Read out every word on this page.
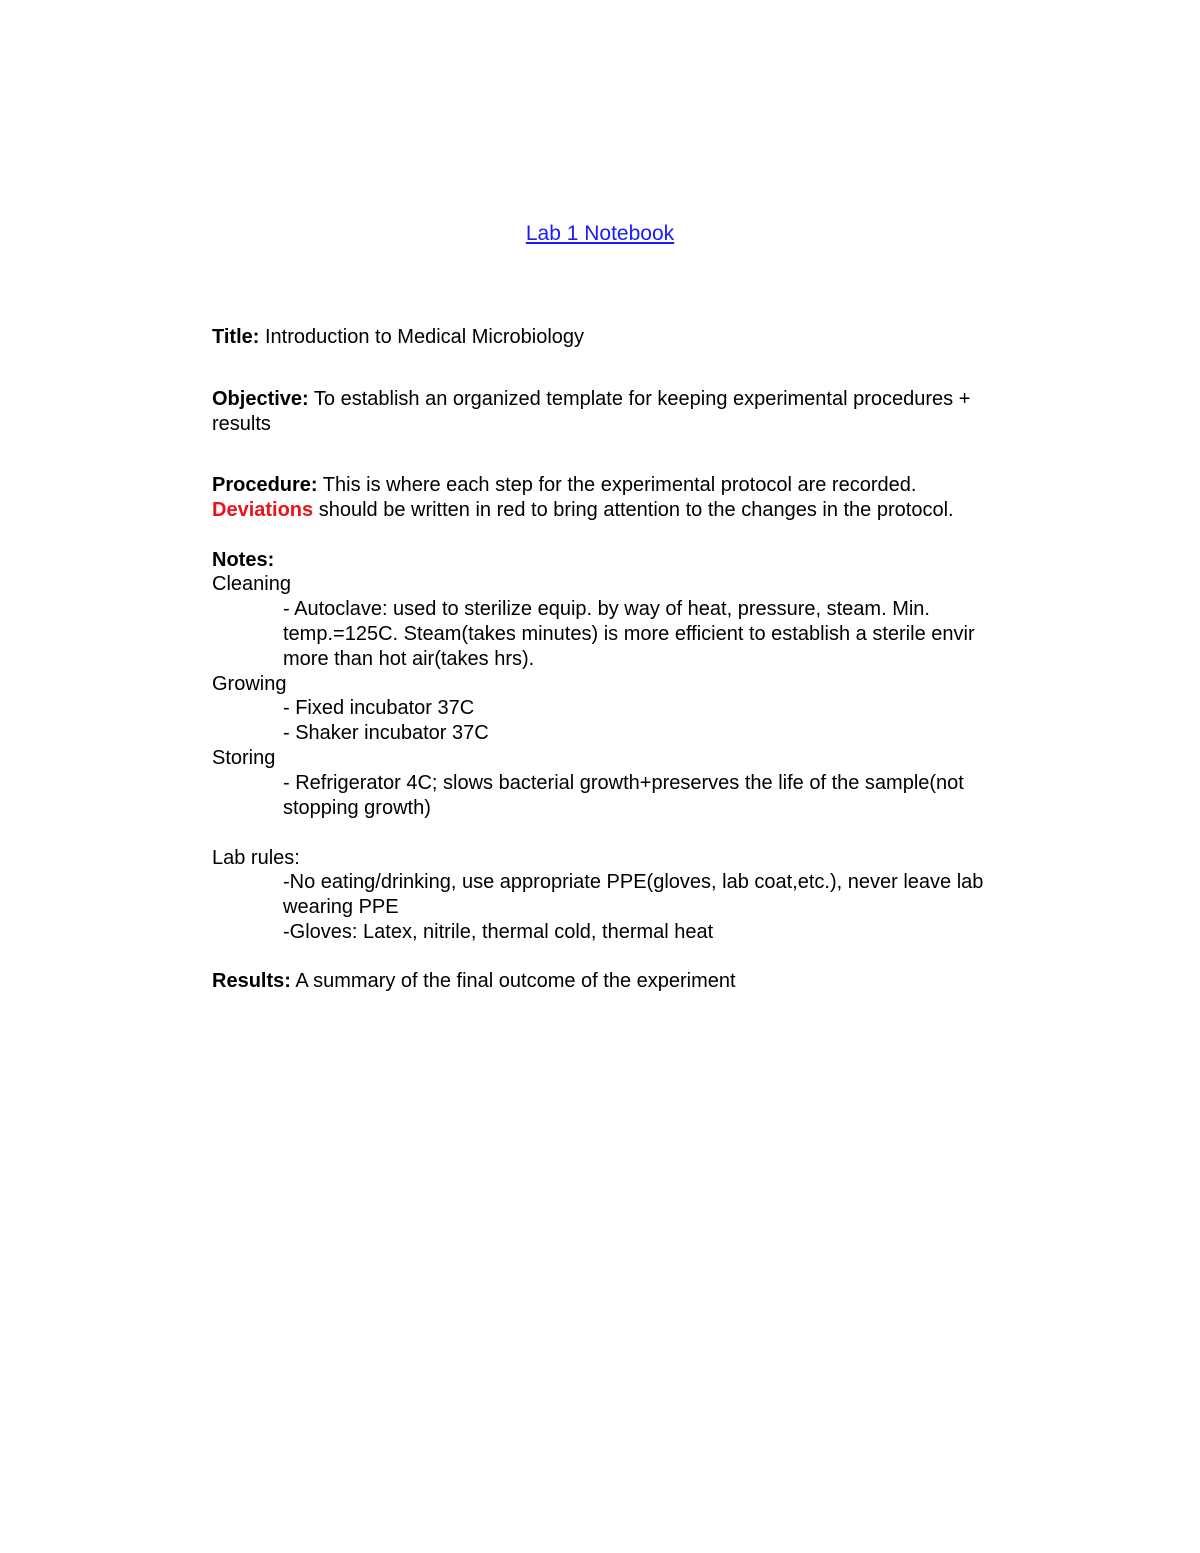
Lab 1 Notebook
Title: Introduction to Medical Microbiology
Objective: To establish an organized template for keeping experimental procedures +
results
Procedure: This is where each step for the experimental protocol are recorded.
Deviations should be written in red to bring attention to the changes in the protocol.
Notes:
Cleaning
- Autoclave: used to sterilize equip. by way of heat, pressure, steam. Min.
temp.=125C. Steam(takes minutes) is more efficient to establish a sterile envir
more than hot air(takes hrs).
Growing
- Fixed incubator 37C
- Shaker incubator 37C
Storing
- Refrigerator 4C; slows bacterial growth+preserves the life of the sample(not
stopping growth)
Lab rules:
-No eating/drinking, use appropriate PPE(gloves, lab coat,etc.), never leave lab
wearing PPE
-Gloves: Latex, nitrile, thermal cold, thermal heat
Results: A summary of the final outcome of the experiment
